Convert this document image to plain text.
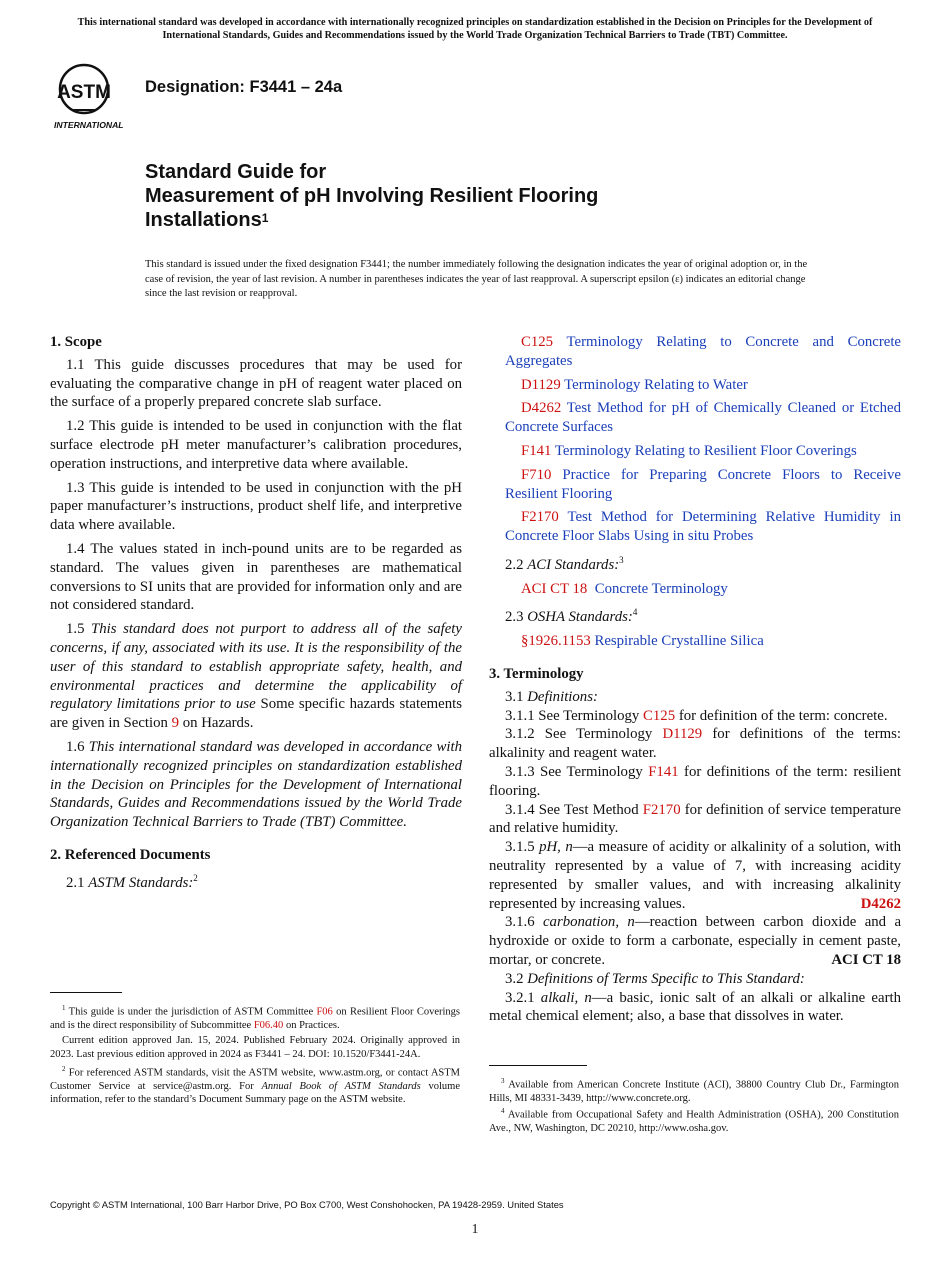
This international standard was developed in accordance with internationally recognized principles on standardization established in the Decision on Principles for the Development of International Standards, Guides and Recommendations issued by the World Trade Organization Technical Barriers to Trade (TBT) Committee.
ASTM
INTERNATIONAL
Designation: F3441 – 24a
Standard Guide for
Measurement of pH Involving Resilient Flooring
Installations$^1$
This standard is issued under the fixed designation F3441; the number immediately following the designation indicates the year of original adoption or, in the case of revision, the year of last revision. A number in parentheses indicates the year of last reapproval. A superscript epsilon (ε) indicates an editorial change since the last revision or reapproval.
1. Scope

1.1 This guide discusses procedures that may be used for evaluating the comparative change in pH of reagent water placed on the surface of a properly prepared concrete slab surface.

1.2 This guide is intended to be used in conjunction with the flat surface electrode pH meter manufacturer’s calibration procedures, operation instructions, and interpretive data where available.

1.3 This guide is intended to be used in conjunction with the pH paper manufacturer’s instructions, product shelf life, and interpretive data where available.

1.4 The values stated in inch-pound units are to be regarded as standard. The values given in parentheses are mathematical conversions to SI units that are provided for information only and are not considered standard.

1.5 This standard does not purport to address all of the safety concerns, if any, associated with its use. It is the responsibility of the user of this standard to establish appropriate safety, health, and environmental practices and determine the applicability of regulatory limitations prior to use Some specific hazards statements are given in Section 9 on Hazards.

1.6 This international standard was developed in accordance with internationally recognized principles on standardization established in the Decision on Principles for the Development of International Standards, Guides and Recommendations issued by the World Trade Organization Technical Barriers to Trade (TBT) Committee.

2. Referenced Documents

2.1 ASTM Standards:$^2$

C125 Terminology Relating to Concrete and Concrete Aggregates

D1129 Terminology Relating to Water

D4262 Test Method for pH of Chemically Cleaned or Etched Concrete Surfaces

F141 Terminology Relating to Resilient Floor Coverings

F710 Practice for Preparing Concrete Floors to Receive Resilient Flooring

F2170 Test Method for Determining Relative Humidity in Concrete Floor Slabs Using in situ Probes

2.2 ACI Standards:$^3$

ACI CT 18 Concrete Terminology

2.3 OSHA Standards:$^4$

§1926.1153 Respirable Crystalline Silica

3. Terminology

3.1 Definitions:

3.1.1 See Terminology C125 for definition of the term: concrete.

3.1.2 See Terminology D1129 for definitions of the terms: alkalinity and reagent water.

3.1.3 See Terminology F141 for definitions of the term: resilient flooring.

3.1.4 See Test Method F2170 for definition of service temperature and relative humidity.

3.1.5 pH, n—a measure of acidity or alkalinity of a solution, with neutrality represented by a value of 7, with increasing acidity represented by smaller values, and with increasing alkalinity represented by increasing values.	D4262

3.1.6 carbonation, n—reaction between carbon dioxide and a hydroxide or oxide to form a carbonate, especially in cement paste, mortar, or concrete.	ACI CT 18

3.2 Definitions of Terms Specific to This Standard:

3.2.1 alkali, n—a basic, ionic salt of an alkali or alkaline earth metal chemical element; also, a base that dissolves in water.

$^1$ This guide is under the jurisdiction of ASTM Committee F06 on Resilient Floor Coverings and is the direct responsibility of Subcommittee F06.40 on Practices.

Current edition approved Jan. 15, 2024. Published February 2024. Originally approved in 2023. Last previous edition approved in 2024 as F3441 – 24. DOI: 10.1520/F3441-24A.

$^2$ For referenced ASTM standards, visit the ASTM website, www.astm.org, or contact ASTM Customer Service at service@astm.org. For Annual Book of ASTM Standards volume information, refer to the standard’s Document Summary page on the ASTM website.

$^3$ Available from American Concrete Institute (ACI), 38800 Country Club Dr., Farmington Hills, MI 48331-3439, http://www.concrete.org.

$^4$ Available from Occupational Safety and Health Administration (OSHA), 200 Constitution Ave., NW, Washington, DC 20210, http://www.osha.gov.

Copyright © ASTM International, 100 Barr Harbor Drive, PO Box C700, West Conshohocken, PA 19428-2959. United States
1
